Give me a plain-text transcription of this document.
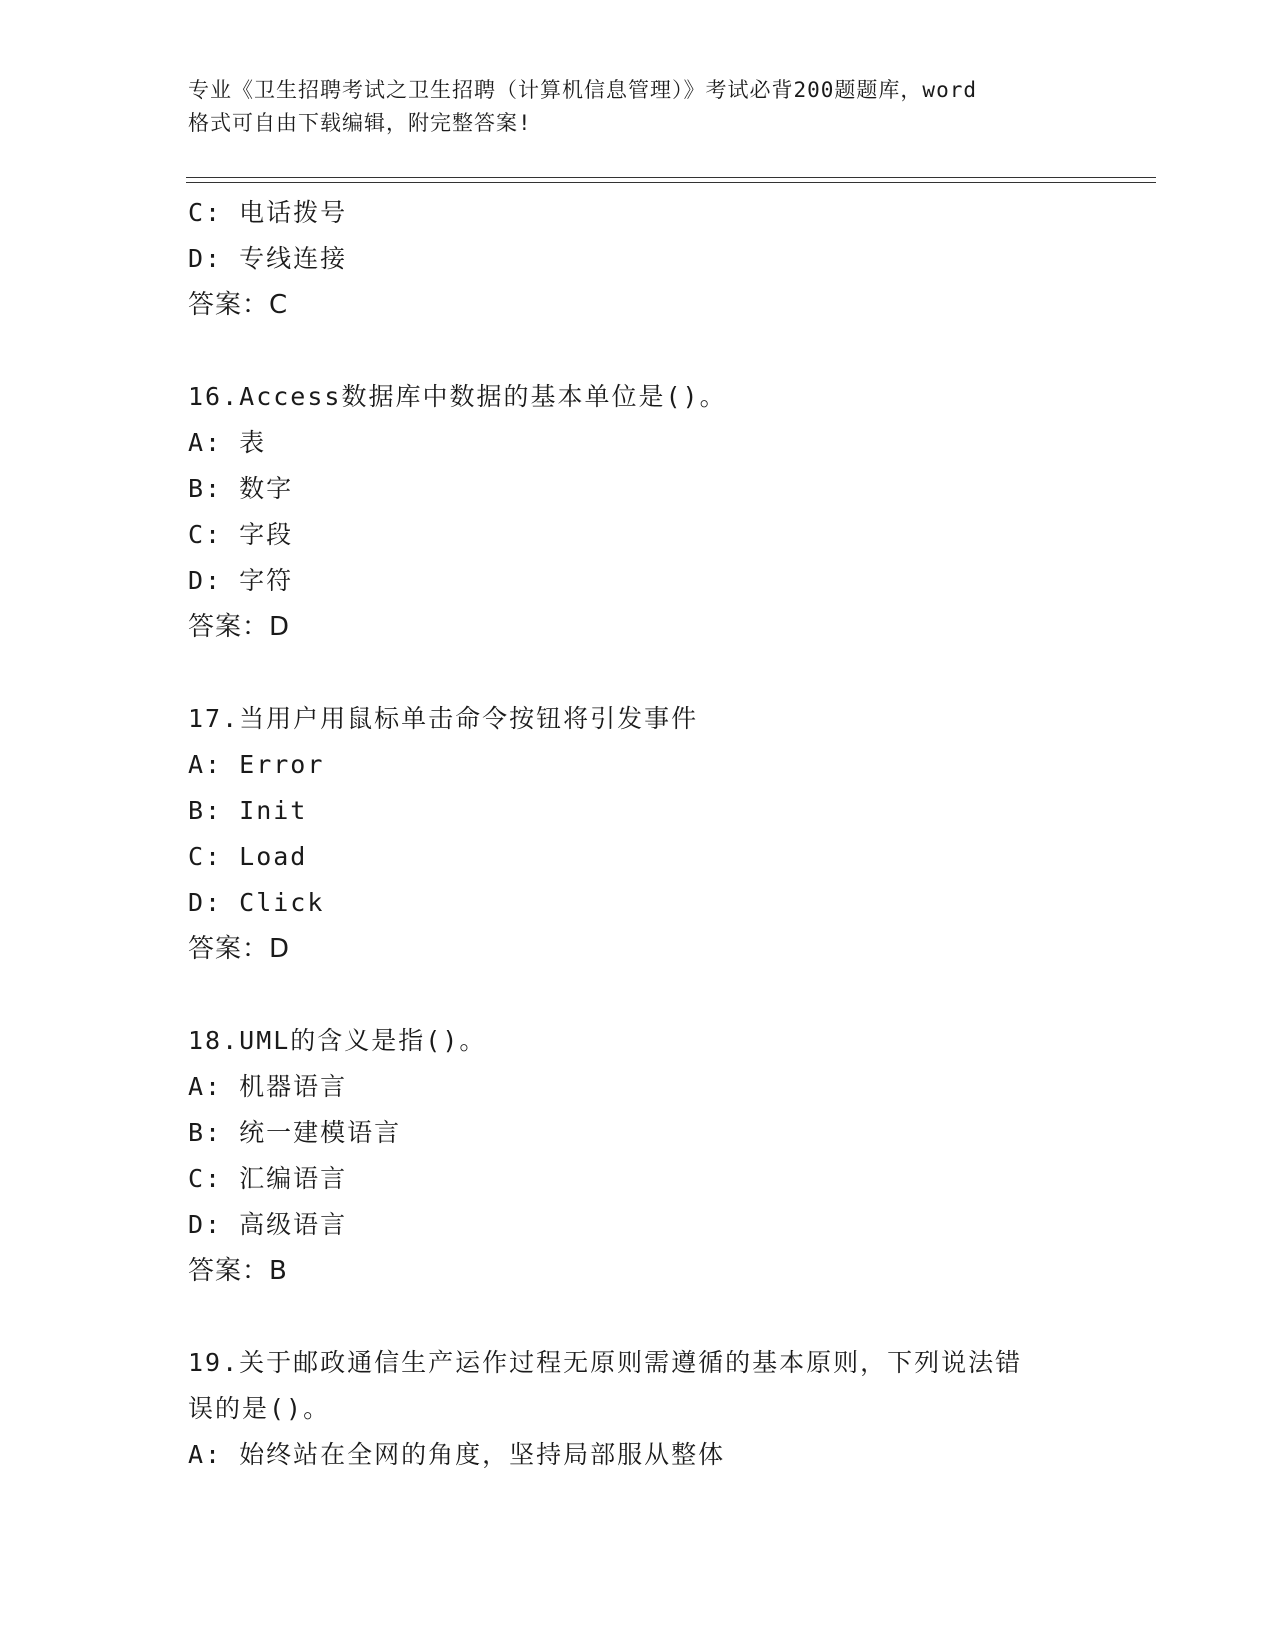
专业《卫生招聘考试之卫生招聘（计算机信息管理）》考试必背200题题库，word
格式可自由下载编辑，附完整答案!
C: 电话拨号
D: 专线连接
答案：C
16.Access数据库中数据的基本单位是()。
A: 表
B: 数字
C: 字段
D: 字符
答案：D
17.当用户用鼠标单击命令按钮将引发事件
A: Error
B: Init
C: Load
D: Click
答案：D
18.UML的含义是指()。
A: 机器语言
B: 统一建模语言
C: 汇编语言
D: 高级语言
答案：B
19.关于邮政通信生产运作过程无原则需遵循的基本原则，下列说法错
误的是()。
A: 始终站在全网的角度，坚持局部服从整体
